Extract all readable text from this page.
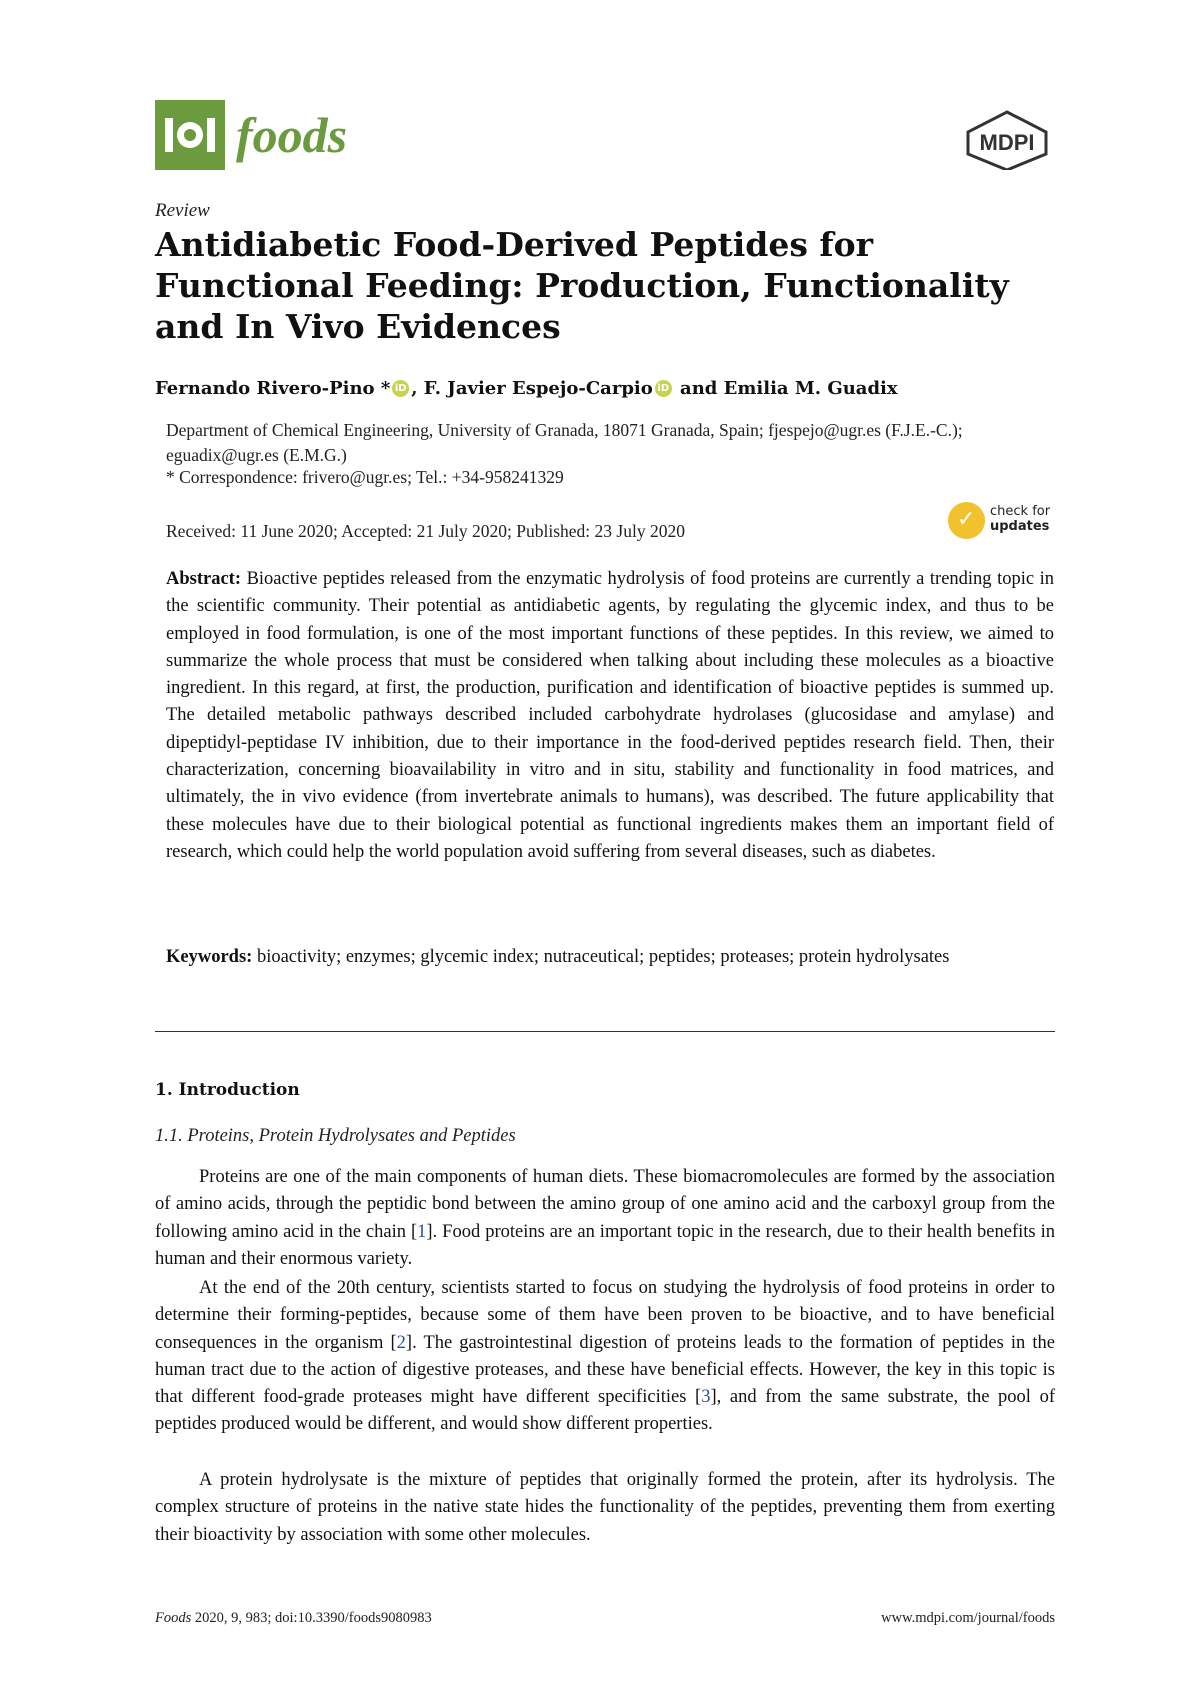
foods	MDPI
Review
Antidiabetic Food-Derived Peptides for Functional Feeding: Production, Functionality and In Vivo Evidences
Fernando Rivero-Pino * iD , F. Javier Espejo-Carpio iD and Emilia M. Guadix
Department of Chemical Engineering, University of Granada, 18071 Granada, Spain; fjespejo@ugr.es (F.J.E.-C.); eguadix@ugr.es (E.M.G.)
* Correspondence: frivero@ugr.es; Tel.: +34-958241329
Received: 11 June 2020; Accepted: 21 July 2020; Published: 23 July 2020	✓ check for
updates

Abstract: Bioactive peptides released from the enzymatic hydrolysis of food proteins are currently a trending topic in the scientific community. Their potential as antidiabetic agents, by regulating the glycemic index, and thus to be employed in food formulation, is one of the most important functions of these peptides. In this review, we aimed to summarize the whole process that must be considered when talking about including these molecules as a bioactive ingredient. In this regard, at first, the production, purification and identification of bioactive peptides is summed up. The detailed metabolic pathways described included carbohydrate hydrolases (glucosidase and amylase) and dipeptidyl-peptidase IV inhibition, due to their importance in the food-derived peptides research field. Then, their characterization, concerning bioavailability in vitro and in situ, stability and functionality in food matrices, and ultimately, the in vivo evidence (from invertebrate animals to humans), was described. The future applicability that these molecules have due to their biological potential as functional ingredients makes them an important field of research, which could help the world population avoid suffering from several diseases, such as diabetes.

Keywords: bioactivity; enzymes; glycemic index; nutraceutical; peptides; proteases; protein hydrolysates

1. Introduction
1.1. Proteins, Protein Hydrolysates and Peptides

Proteins are one of the main components of human diets. These biomacromolecules are formed by the association of amino acids, through the peptidic bond between the amino group of one amino acid and the carboxyl group from the following amino acid in the chain [1]. Food proteins are an important topic in the research, due to their health benefits in human and their enormous variety.

At the end of the 20th century, scientists started to focus on studying the hydrolysis of food proteins in order to determine their forming-peptides, because some of them have been proven to be bioactive, and to have beneficial consequences in the organism [2]. The gastrointestinal digestion of proteins leads to the formation of peptides in the human tract due to the action of digestive proteases, and these have beneficial effects. However, the key in this topic is that different food-grade proteases might have different specificities [3], and from the same substrate, the pool of peptides produced would be different, and would show different properties.

A protein hydrolysate is the mixture of peptides that originally formed the protein, after its hydrolysis. The complex structure of proteins in the native state hides the functionality of the peptides, preventing them from exerting their bioactivity by association with some other molecules.

Foods 2020, 9, 983; doi:10.3390/foods9080983	www.mdpi.com/journal/foods
